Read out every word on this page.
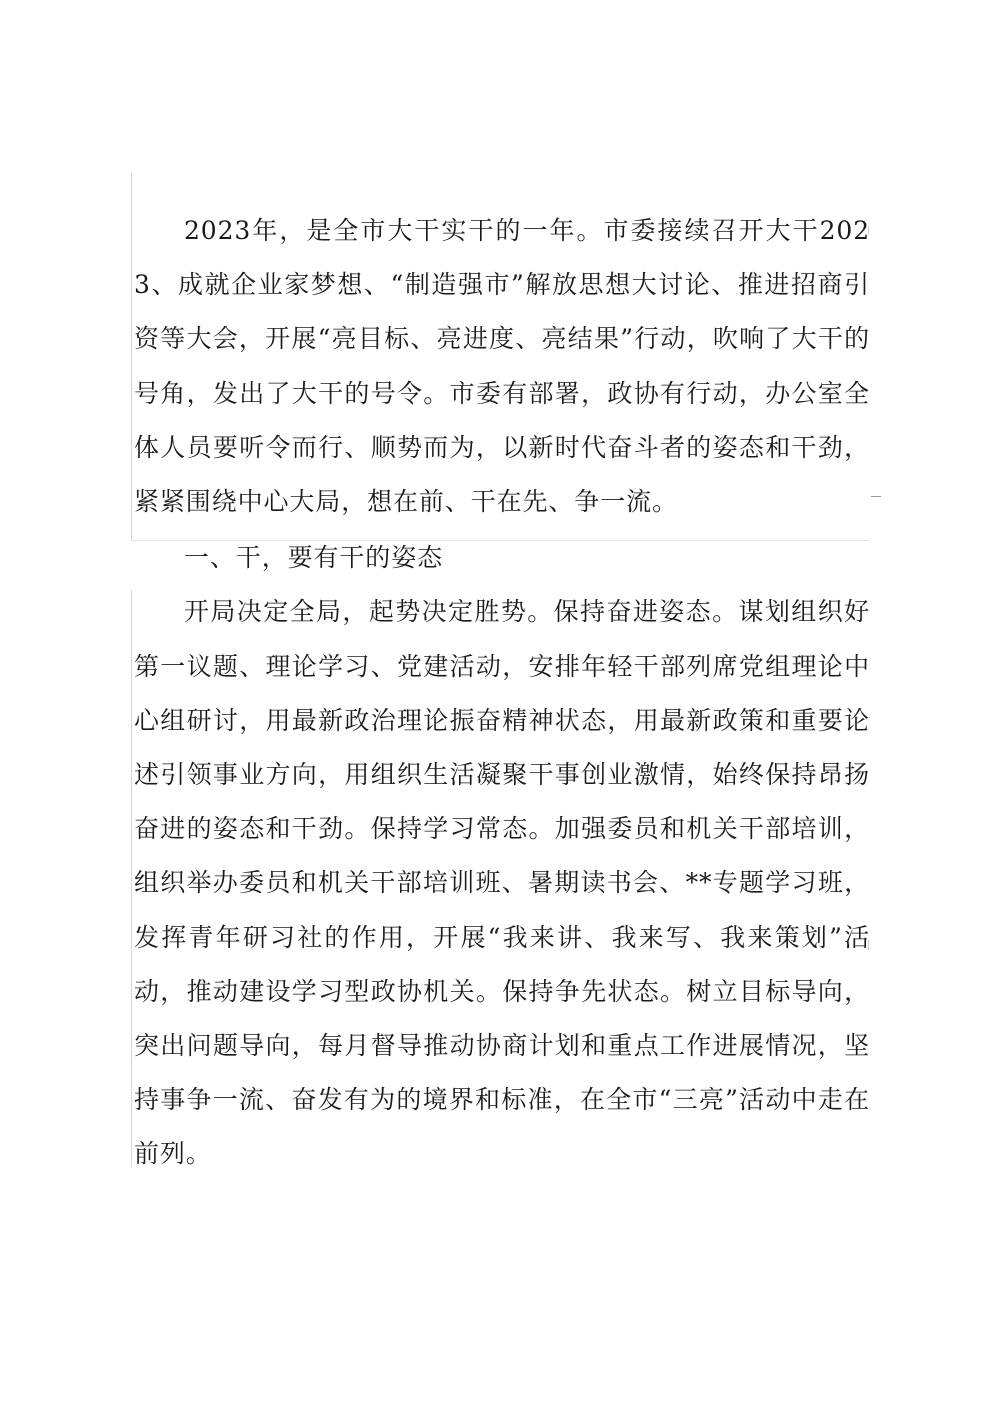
2023年，是全市大干实干的一年。市委接续召开大干2023、成就企业家梦想、“制造强市”解放思想大讨论、推进招商引资等大会，开展“亮目标、亮进度、亮结果”行动，吹响了大干的号角，发出了大干的号令。市委有部署，政协有行动，办公室全体人员要听令而行、顺势而为，以新时代奋斗者的姿态和干劲，紧紧围绕中心大局，想在前、干在先、争一流。

一、干，要有干的姿态

开局决定全局，起势决定胜势。保持奋进姿态。谋划组织好第一议题、理论学习、党建活动，安排年轻干部列席党组理论中心组研讨，用最新政治理论振奋精神状态，用最新政策和重要论述引领事业方向，用组织生活凝聚干事创业激情，始终保持昂扬奋进的姿态和干劲。保持学习常态。加强委员和机关干部培训，组织举办委员和机关干部培训班、暑期读书会、**专题学习班，发挥青年研习社的作用，开展“我来讲、我来写、我来策划”活动，推动建设学习型政协机关。保持争先状态。树立目标导向，突出问题导向，每月督导推动协商计划和重点工作进展情况，坚持事争一流、奋发有为的境界和标准，在全市“三亮”活动中走在前列。
